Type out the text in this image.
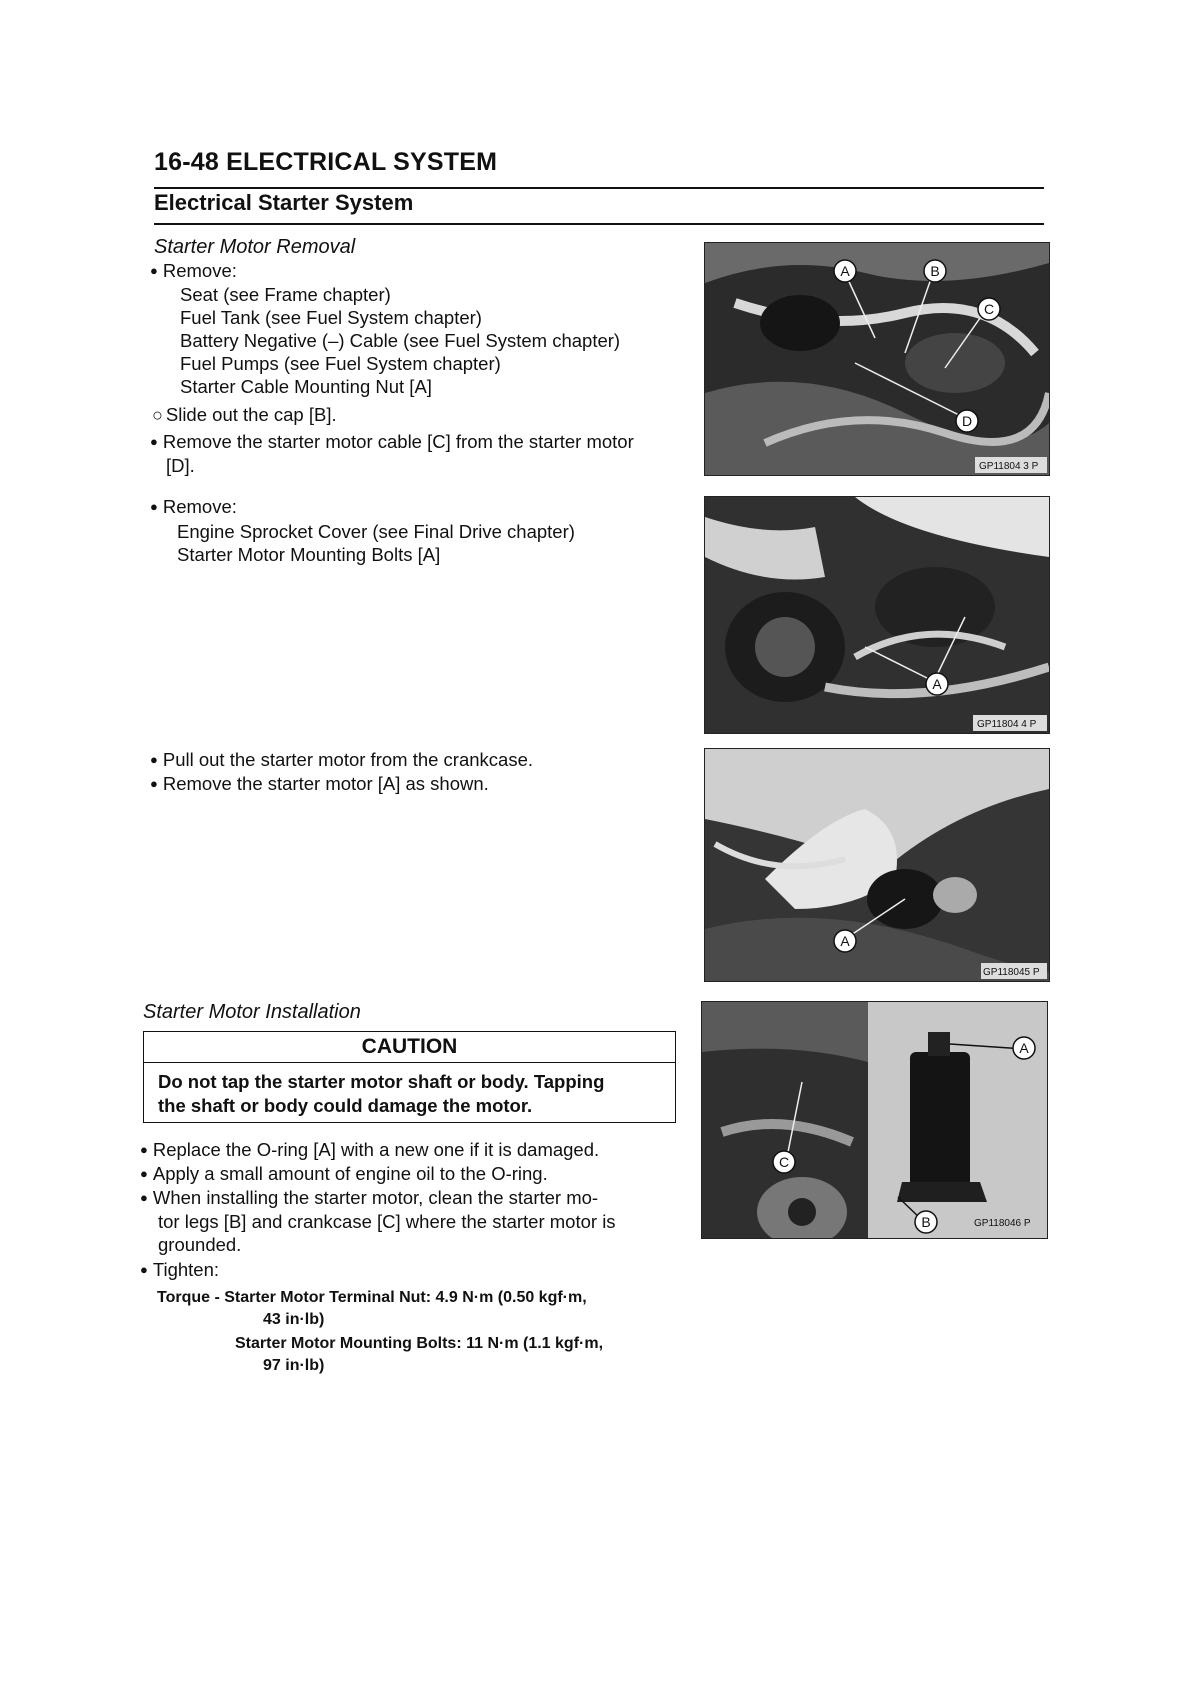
16-48 ELECTRICAL SYSTEM
Electrical Starter System
Starter Motor Removal
● Remove:
Seat (see Frame chapter)
Fuel Tank (see Fuel System chapter)
Battery Negative (–) Cable (see Fuel System chapter)
Fuel Pumps (see Fuel System chapter)
Starter Cable Mounting Nut [A]
○ Slide out the cap [B].
● Remove the starter motor cable [C] from the starter motor
[D].
● Remove:
Engine Sprocket Cover (see Final Drive chapter)
Starter Motor Mounting Bolts [A]
● Pull out the starter motor from the crankcase.
● Remove the starter motor [A] as shown.
Starter Motor Installation
CAUTION
Do not tap the starter motor shaft or body. Tapping
the shaft or body could damage the motor.
● Replace the O-ring [A] with a new one if it is damaged.
● Apply a small amount of engine oil to the O-ring.
● When installing the starter motor, clean the starter mo-
tor legs [B] and crankcase [C] where the starter motor is
grounded.
● Tighten:
Torque - Starter Motor Terminal Nut: 4.9 N·m (0.50 kgf·m,
43 in·lb)
Starter Motor Mounting Bolts: 11 N·m (1.1 kgf·m,
97 in·lb)
A	B
C
D
GP11804 3 P
A
GP11804 4 P
A
GP118045 P
A
B
C
GP118046 P
